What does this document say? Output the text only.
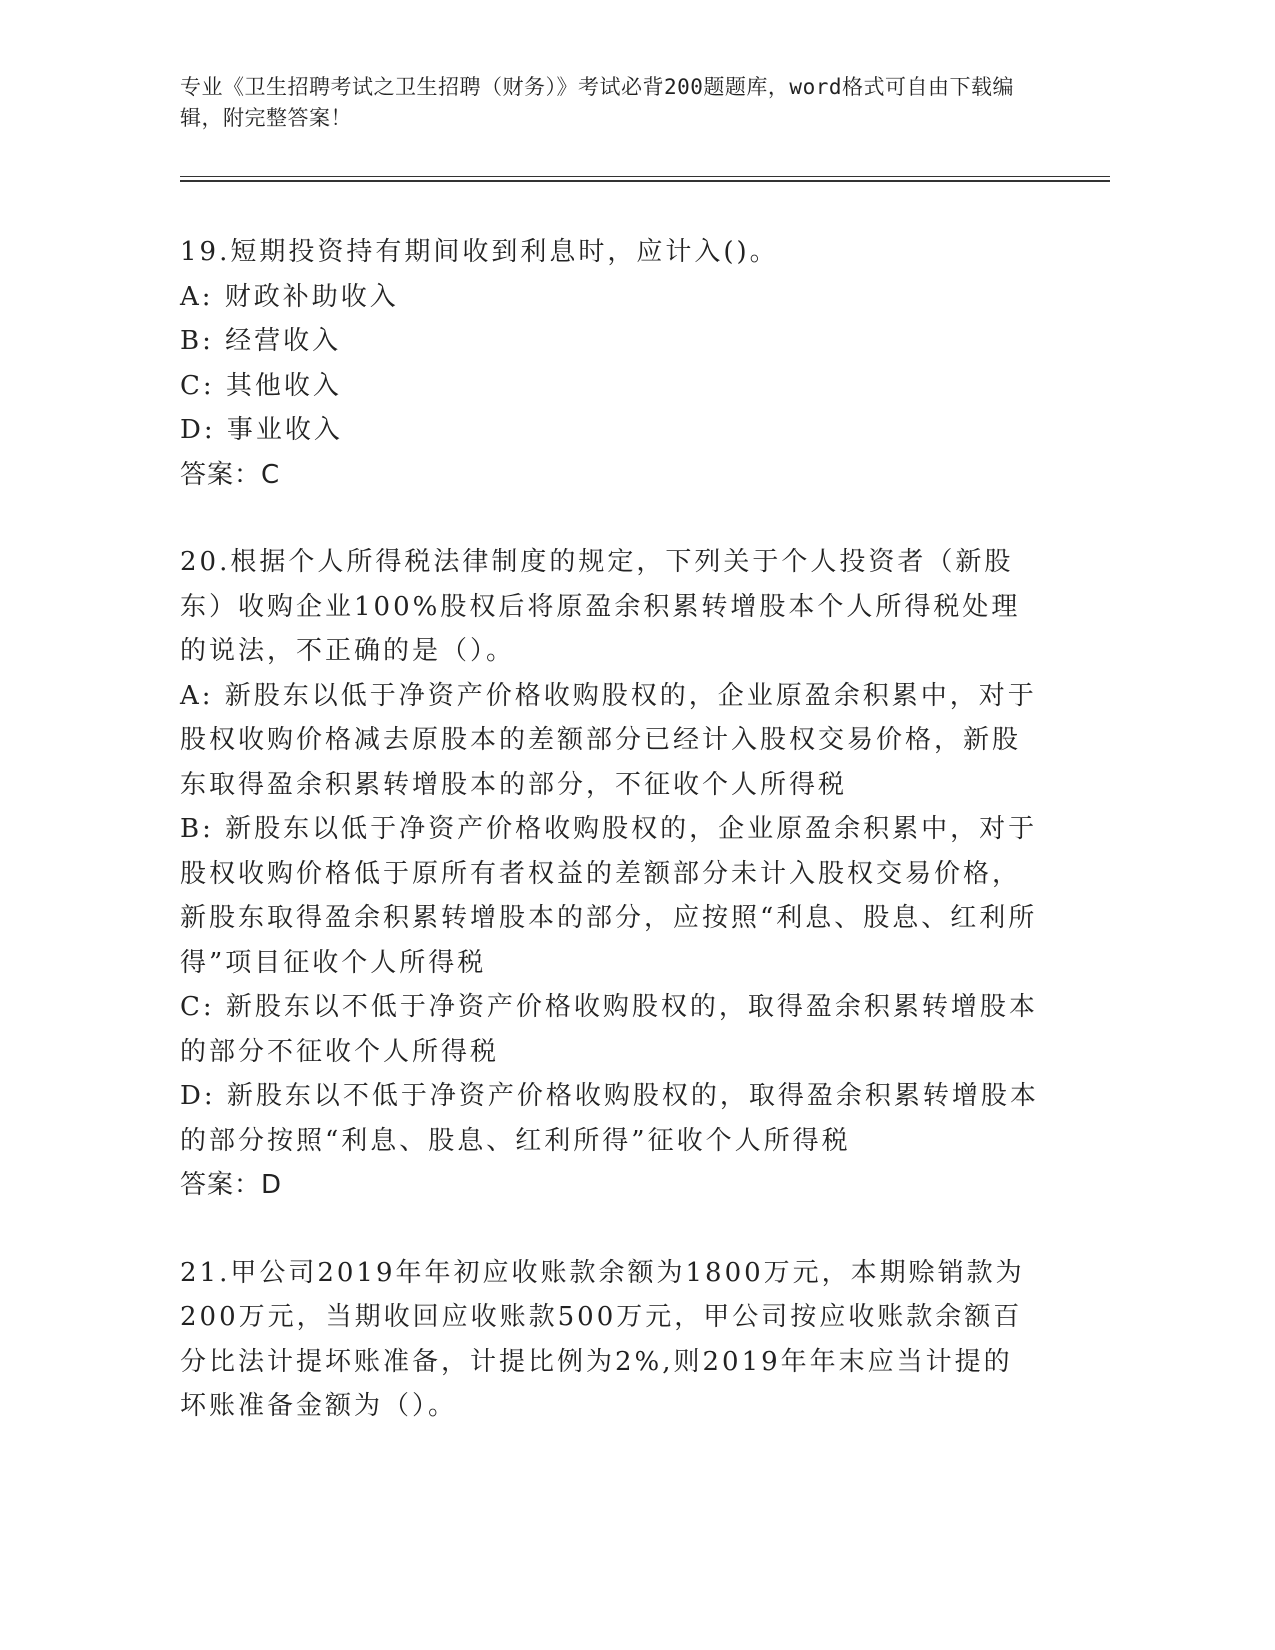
专业《卫生招聘考试之卫生招聘（财务）》考试必背200题题库，word格式可自由下载编辑，附完整答案！

19.短期投资持有期间收到利息时，应计入()。

A: 财政补助收入

B: 经营收入

C: 其他收入

D: 事业收入

答案：C

20.根据个人所得税法律制度的规定，下列关于个人投资者（新股东）收购企业100%股权后将原盈余积累转增股本个人所得税处理的说法，不正确的是（）。

A: 新股东以低于净资产价格收购股权的，企业原盈余积累中，对于股权收购价格减去原股本的差额部分已经计入股权交易价格，新股东取得盈余积累转增股本的部分，不征收个人所得税

B: 新股东以低于净资产价格收购股权的，企业原盈余积累中，对于股权收购价格低于原所有者权益的差额部分未计入股权交易价格，新股东取得盈余积累转增股本的部分，应按照“利息、股息、红利所得”项目征收个人所得税

C: 新股东以不低于净资产价格收购股权的，取得盈余积累转增股本的部分不征收个人所得税

D: 新股东以不低于净资产价格收购股权的，取得盈余积累转增股本的部分按照“利息、股息、红利所得”征收个人所得税

答案：D

21.甲公司2019年年初应收账款余额为1800万元，本期赊销款为200万元，当期收回应收账款500万元，甲公司按应收账款余额百分比法计提坏账准备，计提比例为2%,则2019年年末应当计提的坏账准备金额为（）。
